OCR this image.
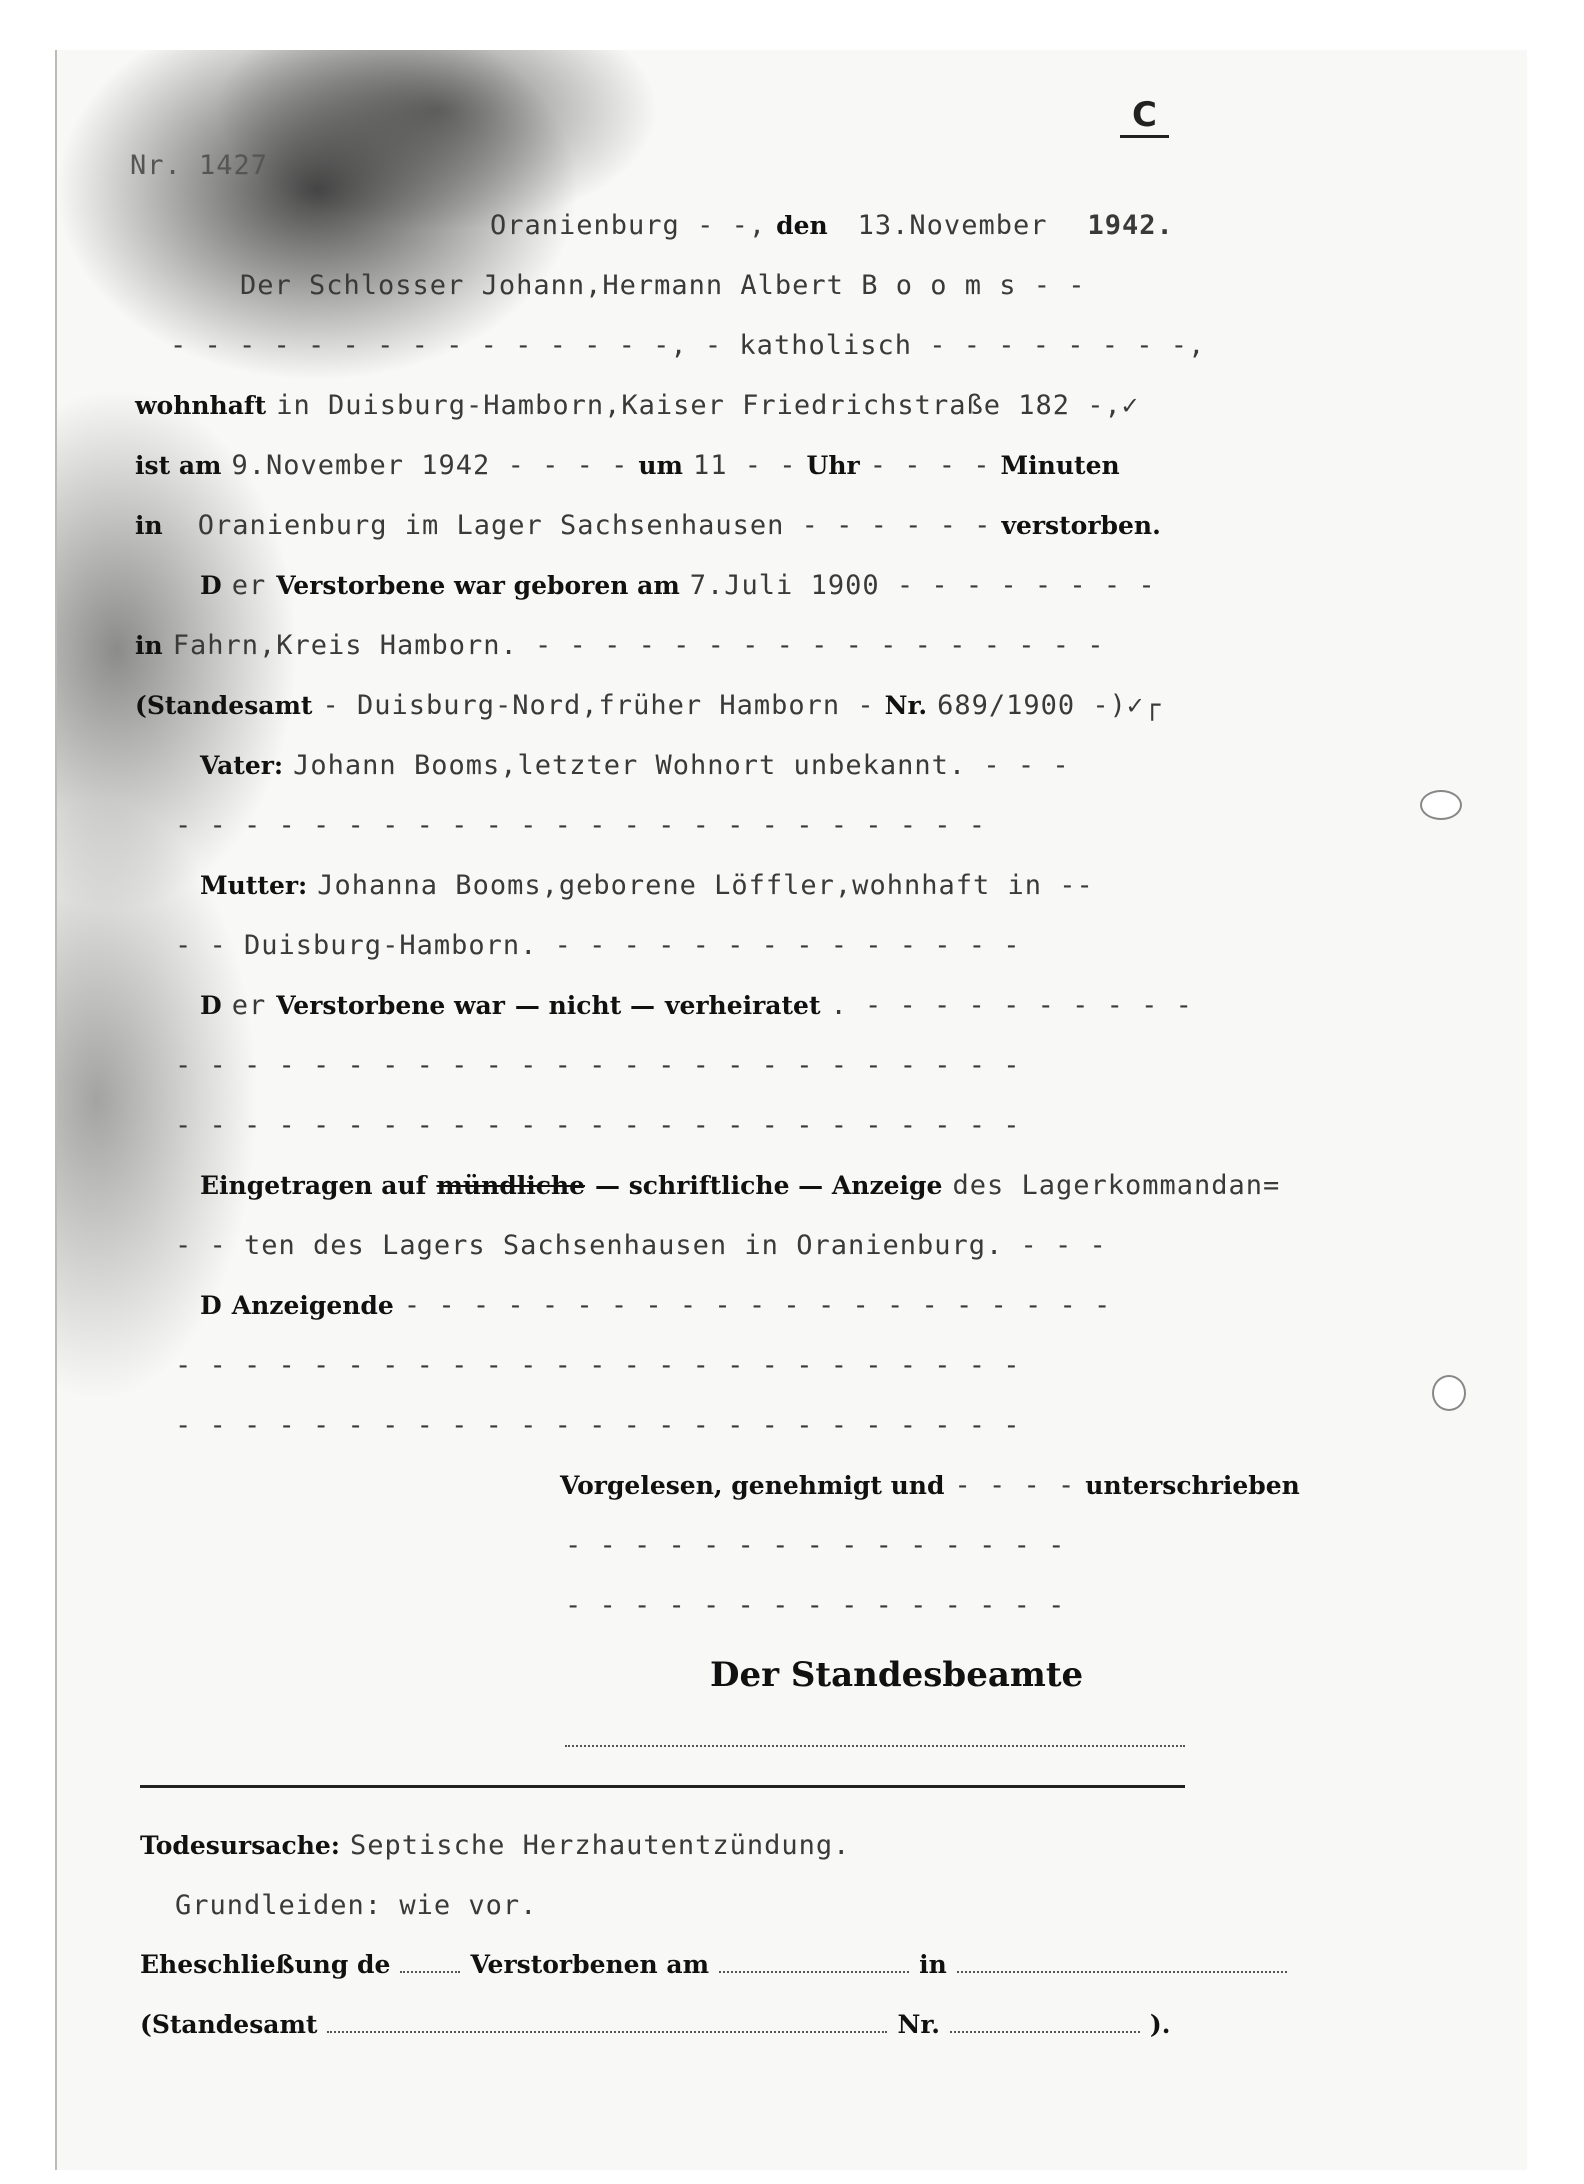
C
Nr. 1427
Oranienburg - -, den 13.November 1942.
Der Schlosser Johann,Hermann Albert B o o m s - -
- - - - - - - - - - - - - - -, - katholisch - - - - - - - -,
wohnhaft in Duisburg-Hamborn,Kaiser Friedrichstraße 182 -,✓
ist am 9.November 1942 - - - - um 11 - - Uhr - - - - Minuten
in Oranienburg im Lager Sachsenhausen - - - - - - verstorben.
D er Verstorbene war geboren am 7.Juli 1900 - - - - - - - -
in Fahrn,Kreis Hamborn. - - - - - - - - - - - - - - - - -
(Standesamt - Duisburg-Nord,früher Hamborn - Nr. 689/1900 -)✓┌
Vater: Johann Booms,letzter Wohnort unbekannt. - - -
- - - - - - - - - - - - - - - - - - - - - - - -
Mutter: Johanna Booms,geborene Löffler,wohnhaft in --
- - Duisburg-Hamborn. - - - - - - - - - - - - - -
D er Verstorbene war — nicht — verheiratet . - - - - - - - - - -
- - - - - - - - - - - - - - - - - - - - - - - - -
- - - - - - - - - - - - - - - - - - - - - - - - -
Eingetragen auf mündliche — schriftliche — Anzeige des Lagerkommandan=
- - ten des Lagers Sachsenhausen in Oranienburg. - - -
D Anzeigende - - - - - - - - - - - - - - - - - - - - -
- - - - - - - - - - - - - - - - - - - - - - - - -
- - - - - - - - - - - - - - - - - - - - - - - - -
Vorgelesen, genehmigt und - - - - unterschrieben
- - - - - - - - - - - - - - -
- - - - - - - - - - - - - - -
Der Standesbeamte
Todesursache: Septische Herzhautentzündung.
Grundleiden: wie vor.
Eheschließung de	Verstorbenen am	in
(Standesamt	Nr.	).
